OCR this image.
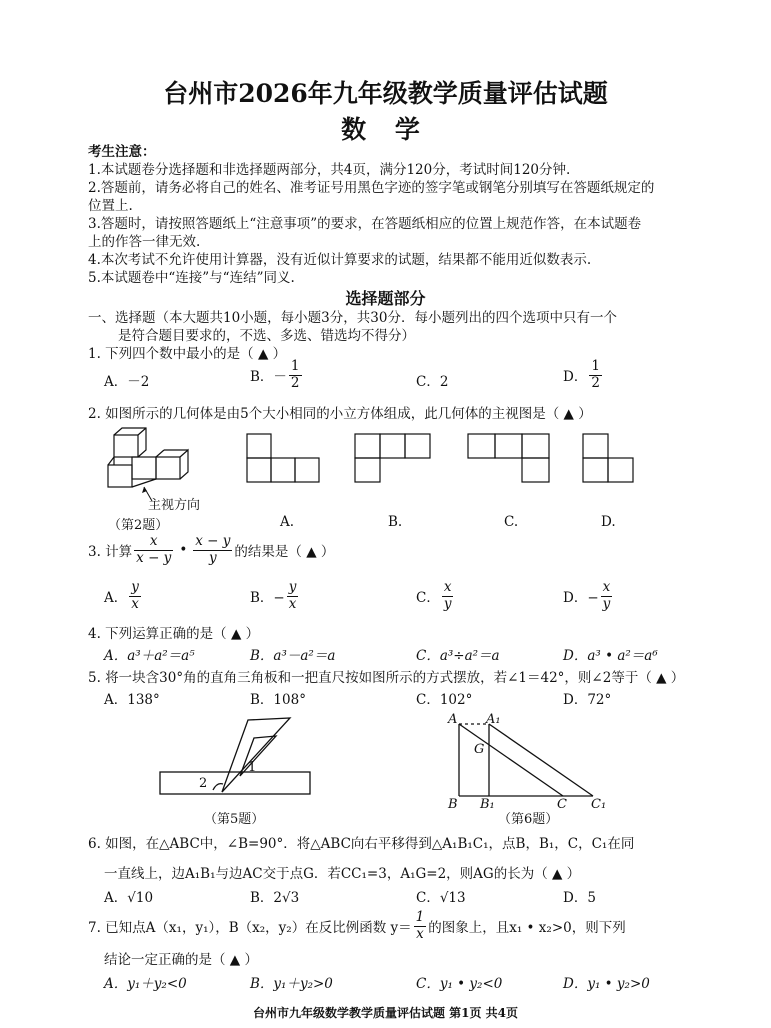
台州市2026年九年级教学质量评估试题
数 学
考生注意：
1.本试题卷分选择题和非选择题两部分，共4页，满分120分，考试时间120分钟.
2.答题前，请务必将自己的姓名、准考证号用黑色字迹的签字笔或钢笔分别填写在答题纸规定的
位置上.
3.答题时，请按照答题纸上“注意事项”的要求，在答题纸相应的位置上规范作答，在本试题卷
上的作答一律无效.
4.本次考试不允许使用计算器，没有近似计算要求的试题，结果都不能用近似数表示.
5.本试题卷中“连接”与“连结”同义.
选择题部分
一、选择题（本大题共10小题，每小题3分，共30分．每小题列出的四个选项中只有一个
是符合题目要求的，不选、多选、错选均不得分）
1. 下列四个数中最小的是（ ▲ ）
A．－2	B．－ $\frac{1}{2}$	C．2	D． $\frac{1}{2}$
2. 如图所示的几何体是由5个大小相同的小立方体组成，此几何体的主视图是（ ▲ ）
主视方向
（第2题）	A.	B.	C.	D.
3. 计算 $\frac{x}{x - y}$ • $\frac{x - y}{y}$ 的结果是（ ▲ ）
A． $\frac{y}{x}$	B．− $\frac{y}{x}$	C． $\frac{x}{y}$	D．− $\frac{x}{y}$
4. 下列运算正确的是（ ▲ ）
A．a³＋a²＝a⁵	B．a³－a²＝a	C．a³÷a²＝a	D．a³ • a²＝a⁶
5. 将一块含30°角的直角三角板和一把直尺按如图所示的方式摆放，若∠1＝42°，则∠2等于（ ▲ ）
A．138°	B．108°	C．102°	D．72°
1
2
（第5题）
A A₁
G
B B₁	C C₁
（第6题）
6. 如图，在△ABC中，∠B=90°．将△ABC向右平移得到△A₁B₁C₁，点B，B₁，C，C₁在同
一直线上，边A₁B₁与边AC交于点G．若CC₁=3，A₁G=2，则AG的长为（ ▲ ）
A．√10	B．2√3	C．√13	D．5
7. 已知点A（x₁，y₁），B（x₂，y₂）在反比例函数 $y= \frac{1}{x}$ 的图象上，且x₁ • x₂>0，则下列
结论一定正确的是（ ▲ ）
A．y₁＋y₂<0	B．y₁＋y₂>0	C．y₁ • y₂<0	D．y₁ • y₂>0
台州市九年级数学教学质量评估试题 第1页 共4页
